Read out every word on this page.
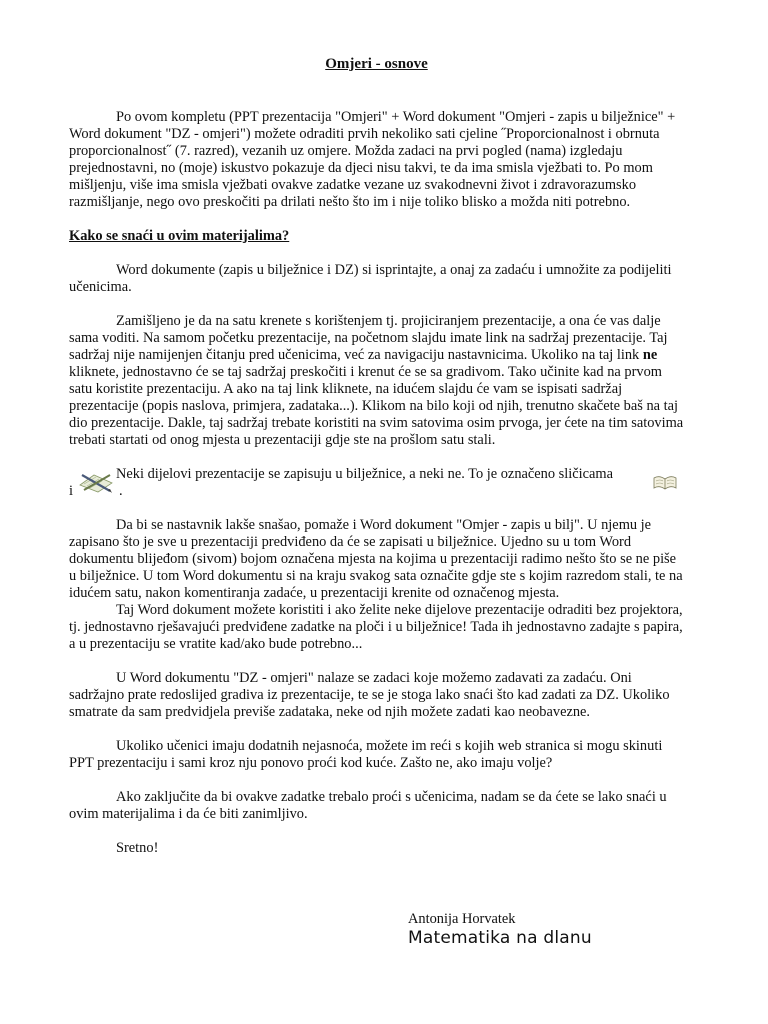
Omjeri - osnove

Po ovom kompletu (PPT prezentacija "Omjeri" + Word dokument "Omjeri - zapis u bilježnice" + Word dokument "DZ - omjeri") možete odraditi prvih nekoliko sati cjeline ˝Proporcionalnost i obrnuta proporcionalnost˝ (7. razred), vezanih uz omjere. Možda zadaci na prvi pogled (nama) izgledaju prejednostavni, no (moje) iskustvo pokazuje da djeci nisu takvi, te da ima smisla vježbati to. Po mom mišljenju, više ima smisla vježbati ovakve zadatke vezane uz svakodnevni život i zdravorazumsko razmišljanje, nego ovo preskočiti pa drilati nešto što im i nije toliko blisko a možda niti potrebno.

Kako se snaći u ovim materijalima?

Word dokumente (zapis u bilježnice i DZ) si isprintajte, a onaj za zadaću i umnožite za podijeliti učenicima.

Zamišljeno je da na satu krenete s korištenjem tj. projiciranjem prezentacije, a ona će vas dalje sama voditi. Na samom početku prezentacije, na početnom slajdu imate link na sadržaj prezentacije. Taj sadržaj nije namijenjen čitanju pred učenicima, već za navigaciju nastavnicima. Ukoliko na taj link ne kliknete, jednostavno će se taj sadržaj preskočiti i krenut će se sa gradivom. Tako učinite kad na prvom satu koristite prezentaciju. A ako na taj link kliknete, na idućem slajdu će vam se ispisati sadržaj prezentacije (popis naslova, primjera, zadataka...). Klikom na bilo koji od njih, trenutno skačete baš na taj dio prezentacije. Dakle, taj sadržaj trebate koristiti na svim satovima osim prvoga, jer ćete na tim satovima trebati startati od onog mjesta u prezentaciji gdje ste na prošlom satu stali.

Neki dijelovi prezentacije se zapisuju u bilježnice, a neki ne. To je označeno sličicama
i	.

Da bi se nastavnik lakše snašao, pomaže i Word dokument "Omjer - zapis u bilj". U njemu je zapisano što je sve u prezentaciji predviđeno da će se zapisati u bilježnice. Ujedno su u tom Word dokumentu blijeđom (sivom) bojom označena mjesta na kojima u prezentaciji radimo nešto što se ne piše u bilježnice. U tom Word dokumentu si na kraju svakog sata označite gdje ste s kojim razredom stali, te na idućem satu, nakon komentiranja zadaće, u prezentaciji krenite od označenog mjesta.

Taj Word dokument možete koristiti i ako želite neke dijelove prezentacije odraditi bez projektora, tj. jednostavno rješavajući predviđene zadatke na ploči i u bilježnice! Tada ih jednostavno zadajte s papira, a u prezentaciju se vratite kad/ako bude potrebno...

U Word dokumentu "DZ - omjeri" nalaze se zadaci koje možemo zadavati za zadaću. Oni sadržajno prate redoslijed gradiva iz prezentacije, te se je stoga lako snaći što kad zadati za DZ. Ukoliko smatrate da sam predvidjela previše zadataka, neke od njih možete zadati kao neobavezne.

Ukoliko učenici imaju dodatnih nejasnoća, možete im reći s kojih web stranica si mogu skinuti PPT prezentaciju i sami kroz nju ponovo proći kod kuće. Zašto ne, ako imaju volje?

Ako zaključite da bi ovakve zadatke trebalo proći s učenicima, nadam se da ćete se lako snaći u ovim materijalima i da će biti zanimljivo.

Sretno!

Antonija Horvatek
Matematika na dlanu
